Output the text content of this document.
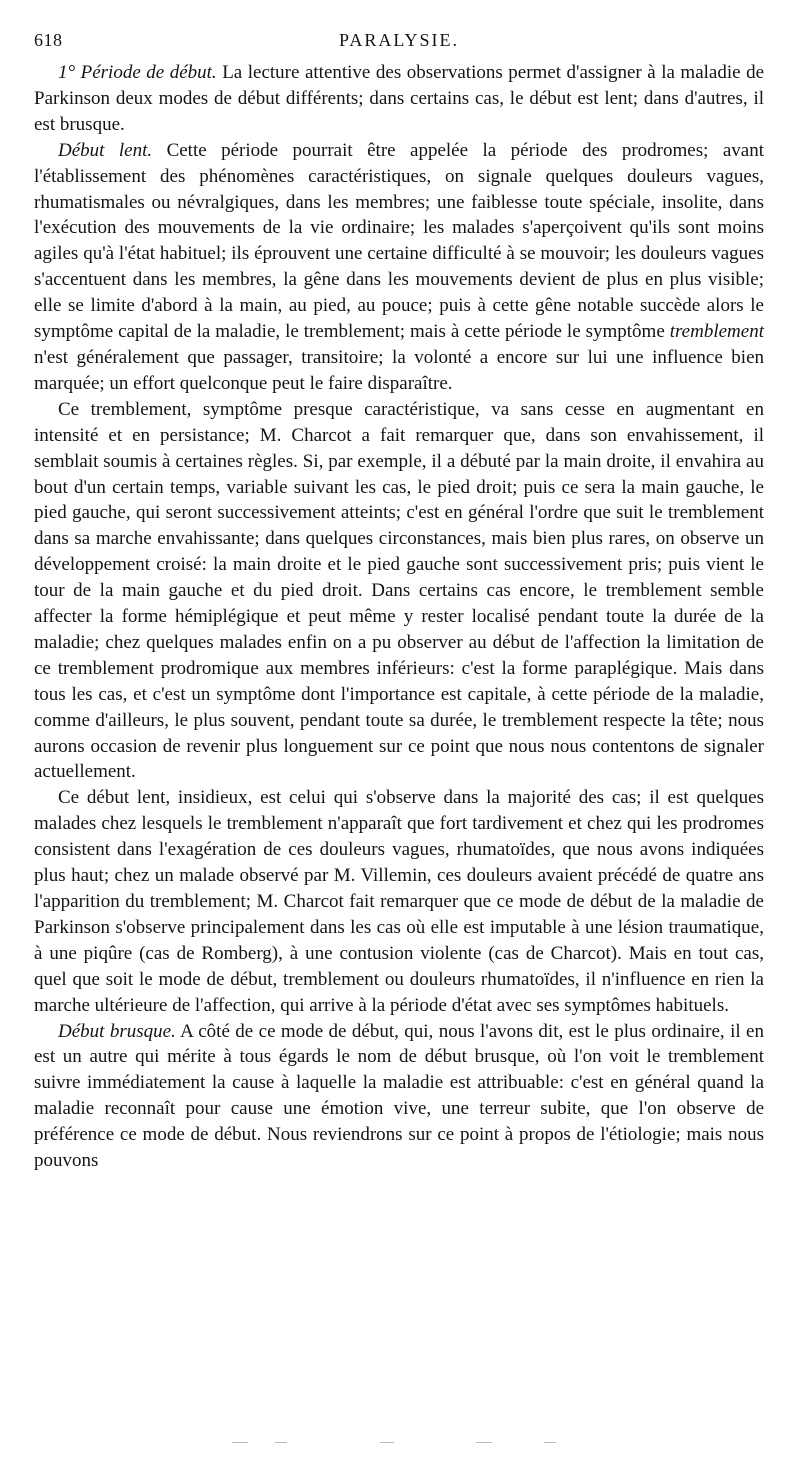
618	PARALYSIE.

1° Période de début. La lecture attentive des observations permet d'assigner à la maladie de Parkinson deux modes de début différents; dans certains cas, le début est lent; dans d'autres, il est brusque.

Début lent. Cette période pourrait être appelée la période des prodromes; avant l'établissement des phénomènes caractéristiques, on signale quelques douleurs vagues, rhumatismales ou névralgiques, dans les membres; une faiblesse toute spéciale, insolite, dans l'exécution des mouvements de la vie ordinaire; les malades s'aperçoivent qu'ils sont moins agiles qu'à l'état habituel; ils éprouvent une certaine difficulté à se mouvoir; les douleurs vagues s'accentuent dans les membres, la gêne dans les mouvements devient de plus en plus visible; elle se limite d'abord à la main, au pied, au pouce; puis à cette gêne notable succède alors le symptôme capital de la maladie, le tremblement; mais à cette période le symptôme tremblement n'est généralement que passager, transitoire; la volonté a encore sur lui une influence bien marquée; un effort quelconque peut le faire disparaître.

Ce tremblement, symptôme presque caractéristique, va sans cesse en augmentant en intensité et en persistance; M. Charcot a fait remarquer que, dans son envahissement, il semblait soumis à certaines règles. Si, par exemple, il a débuté par la main droite, il envahira au bout d'un certain temps, variable suivant les cas, le pied droit; puis ce sera la main gauche, le pied gauche, qui seront successivement atteints; c'est en général l'ordre que suit le tremblement dans sa marche envahissante; dans quelques circonstances, mais bien plus rares, on observe un développement croisé: la main droite et le pied gauche sont successivement pris; puis vient le tour de la main gauche et du pied droit. Dans certains cas encore, le tremblement semble affecter la forme hémiplégique et peut même y rester localisé pendant toute la durée de la maladie; chez quelques malades enfin on a pu observer au début de l'affection la limitation de ce tremblement prodromique aux membres inférieurs: c'est la forme paraplégique. Mais dans tous les cas, et c'est un symptôme dont l'importance est capitale, à cette période de la maladie, comme d'ailleurs, le plus souvent, pendant toute sa durée, le tremblement respecte la tête; nous aurons occasion de revenir plus longuement sur ce point que nous nous contentons de signaler actuellement.

Ce début lent, insidieux, est celui qui s'observe dans la majorité des cas; il est quelques malades chez lesquels le tremblement n'apparaît que fort tardivement et chez qui les prodromes consistent dans l'exagération de ces douleurs vagues, rhumatoïdes, que nous avons indiquées plus haut; chez un malade observé par M. Villemin, ces douleurs avaient précédé de quatre ans l'apparition du tremblement; M. Charcot fait remarquer que ce mode de début de la maladie de Parkinson s'observe principalement dans les cas où elle est imputable à une lésion traumatique, à une piqûre (cas de Romberg), à une contusion violente (cas de Charcot). Mais en tout cas, quel que soit le mode de début, tremblement ou douleurs rhumatoïdes, il n'influence en rien la marche ultérieure de l'affection, qui arrive à la période d'état avec ses symptômes habituels.

Début brusque. A côté de ce mode de début, qui, nous l'avons dit, est le plus ordinaire, il en est un autre qui mérite à tous égards le nom de début brusque, où l'on voit le tremblement suivre immédiatement la cause à laquelle la maladie est attribuable: c'est en général quand la maladie reconnaît pour cause une émotion vive, une terreur subite, que l'on observe de préférence ce mode de début. Nous reviendrons sur ce point à propos de l'étiologie; mais nous pouvons
